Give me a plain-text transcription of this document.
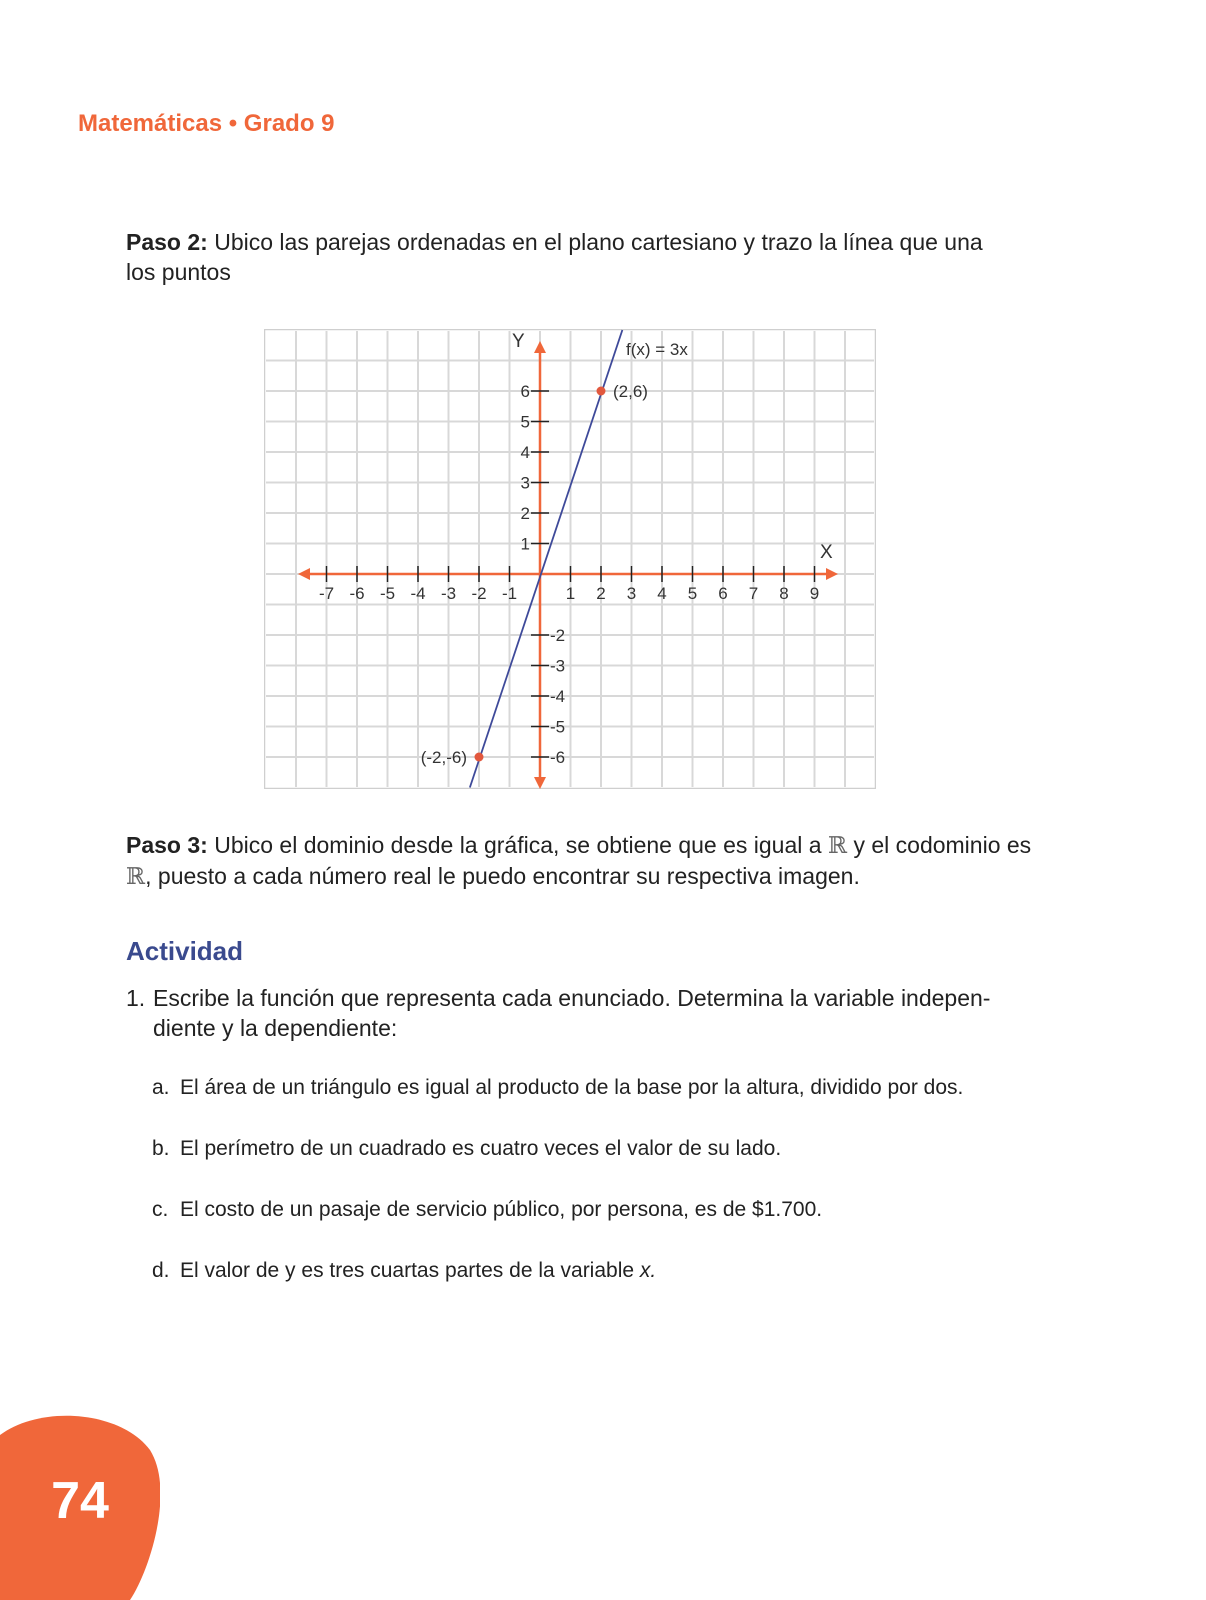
Matemáticas • Grado 9
Paso 2: Ubico las parejas ordenadas en el plano cartesiano y trazo la línea que una los puntos
-7 -6 -5 -4 -3 -2 -1	1 2 3 4 5 6 7 8 9
6
5
4
3
2
1
-2
-3
-4
-5
-6
(2,6)
(-2,-6)
f(x) = 3x
X
Y
Paso 3: Ubico el dominio desde la gráfica, se obtiene que es igual a ℝ y el codominio es ℝ, puesto a cada número real le puedo encontrar su respectiva imagen.
Actividad
1. Escribe la función que representa cada enunciado. Determina la variable indepen-diente y la dependiente:
a. El área de un triángulo es igual al producto de la base por la altura, dividido por dos.
b. El perímetro de un cuadrado es cuatro veces el valor de su lado.
c. El costo de un pasaje de servicio público, por persona, es de $1.700.
d. El valor de y es tres cuartas partes de la variable x.
74
